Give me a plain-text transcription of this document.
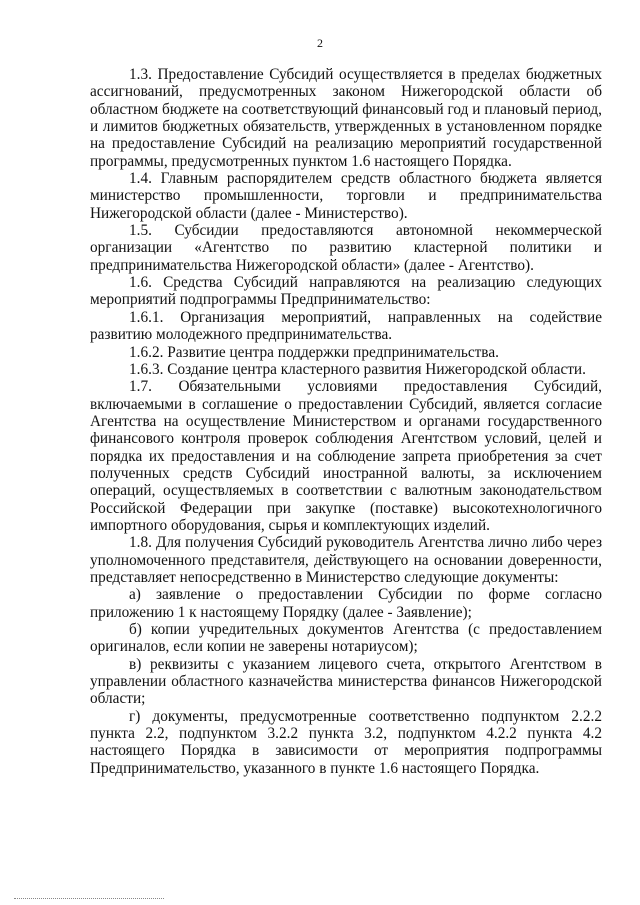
2

1.3. Предоставление Субсидий осуществляется в пределах бюджетных ассигнований, предусмотренных законом Нижегородской области об областном бюджете на соответствующий финансовый год и плановый период, и лимитов бюджетных обязательств, утвержденных в установленном порядке на предоставление Субсидий на реализацию мероприятий государственной программы, предусмотренных пунктом 1.6 настоящего Порядка.

1.4. Главным распорядителем средств областного бюджета является министерство промышленности, торговли и предпринимательства Нижегородской области (далее - Министерство).

1.5. Субсидии предоставляются автономной некоммерческой организации «Агентство по развитию кластерной политики и предпринимательства Нижегородской области» (далее - Агентство).

1.6. Средства Субсидий направляются на реализацию следующих мероприятий подпрограммы Предпринимательство:

1.6.1. Организация мероприятий, направленных на содействие развитию молодежного предпринимательства.

1.6.2. Развитие центра поддержки предпринимательства.

1.6.3. Создание центра кластерного развития Нижегородской области.

1.7. Обязательными условиями предоставления Субсидий, включаемыми в соглашение о предоставлении Субсидий, является согласие Агентства на осуществление Министерством и органами государственного финансового контроля проверок соблюдения Агентством условий, целей и порядка их предоставления и на соблюдение запрета приобретения за счет полученных средств Субсидий иностранной валюты, за исключением операций, осуществляемых в соответствии с валютным законодательством Российской Федерации при закупке (поставке) высокотехнологичного импортного оборудования, сырья и комплектующих изделий.

1.8. Для получения Субсидий руководитель Агентства лично либо через уполномоченного представителя, действующего на основании доверенности, представляет непосредственно в Министерство следующие документы:

а) заявление о предоставлении Субсидии по форме согласно приложению 1 к настоящему Порядку (далее - Заявление);

б) копии учредительных документов Агентства (с предоставлением оригиналов, если копии не заверены нотариусом);

в) реквизиты с указанием лицевого счета, открытого Агентством в управлении областного казначейства министерства финансов Нижегородской области;

г) документы, предусмотренные соответственно подпунктом 2.2.2 пункта 2.2, подпунктом 3.2.2 пункта 3.2, подпунктом 4.2.2 пункта 4.2 настоящего Порядка в зависимости от мероприятия подпрограммы Предпринимательство, указанного в пункте 1.6 настоящего Порядка.
